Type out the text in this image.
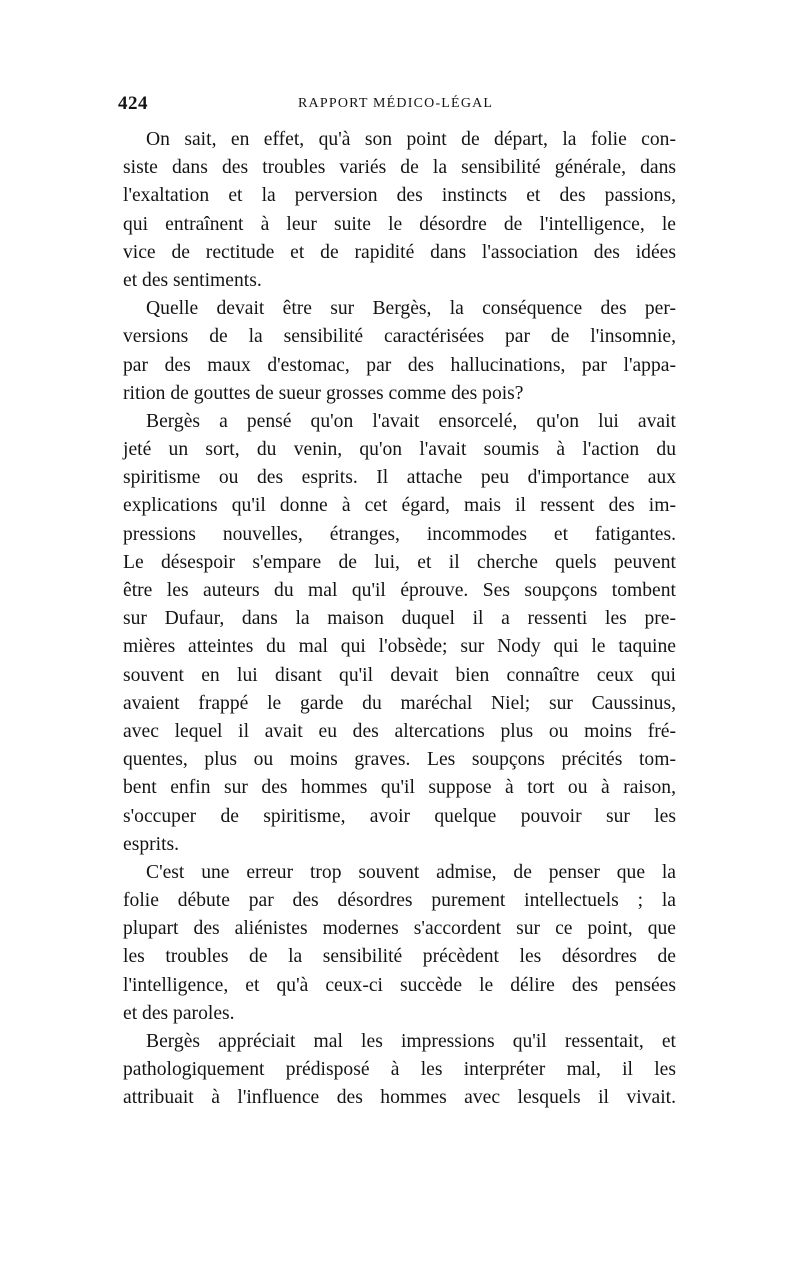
424	RAPPORT MÉDICO-LÉGAL
On sait, en effet, qu'à son point de départ, la folie con-
siste dans des troubles variés de la sensibilité générale, dans
l'exaltation et la perversion des instincts et des passions,
qui entraînent à leur suite le désordre de l'intelligence, le
vice de rectitude et de rapidité dans l'association des idées
et des sentiments.
Quelle devait être sur Bergès, la conséquence des per-
versions de la sensibilité caractérisées par de l'insomnie,
par des maux d'estomac, par des hallucinations, par l'appa-
rition de gouttes de sueur grosses comme des pois?
Bergès a pensé qu'on l'avait ensorcelé, qu'on lui avait
jeté un sort, du venin, qu'on l'avait soumis à l'action du
spiritisme ou des esprits. Il attache peu d'importance aux
explications qu'il donne à cet égard, mais il ressent des im-
pressions nouvelles, étranges, incommodes et fatigantes.
Le désespoir s'empare de lui, et il cherche quels peuvent
être les auteurs du mal qu'il éprouve. Ses soupçons tombent
sur Dufaur, dans la maison duquel il a ressenti les pre-
mières atteintes du mal qui l'obsède; sur Nody qui le taquine
souvent en lui disant qu'il devait bien connaître ceux qui
avaient frappé le garde du maréchal Niel; sur Caussinus,
avec lequel il avait eu des altercations plus ou moins fré-
quentes, plus ou moins graves. Les soupçons précités tom-
bent enfin sur des hommes qu'il suppose à tort ou à raison,
s'occuper de spiritisme, avoir quelque pouvoir sur les
esprits.
C'est une erreur trop souvent admise, de penser que la
folie débute par des désordres purement intellectuels ; la
plupart des aliénistes modernes s'accordent sur ce point, que
les troubles de la sensibilité précèdent les désordres de
l'intelligence, et qu'à ceux-ci succède le délire des pensées
et des paroles.
Bergès appréciait mal les impressions qu'il ressentait, et
pathologiquement prédisposé à les interpréter mal, il les
attribuait à l'influence des hommes avec lesquels il vivait.
